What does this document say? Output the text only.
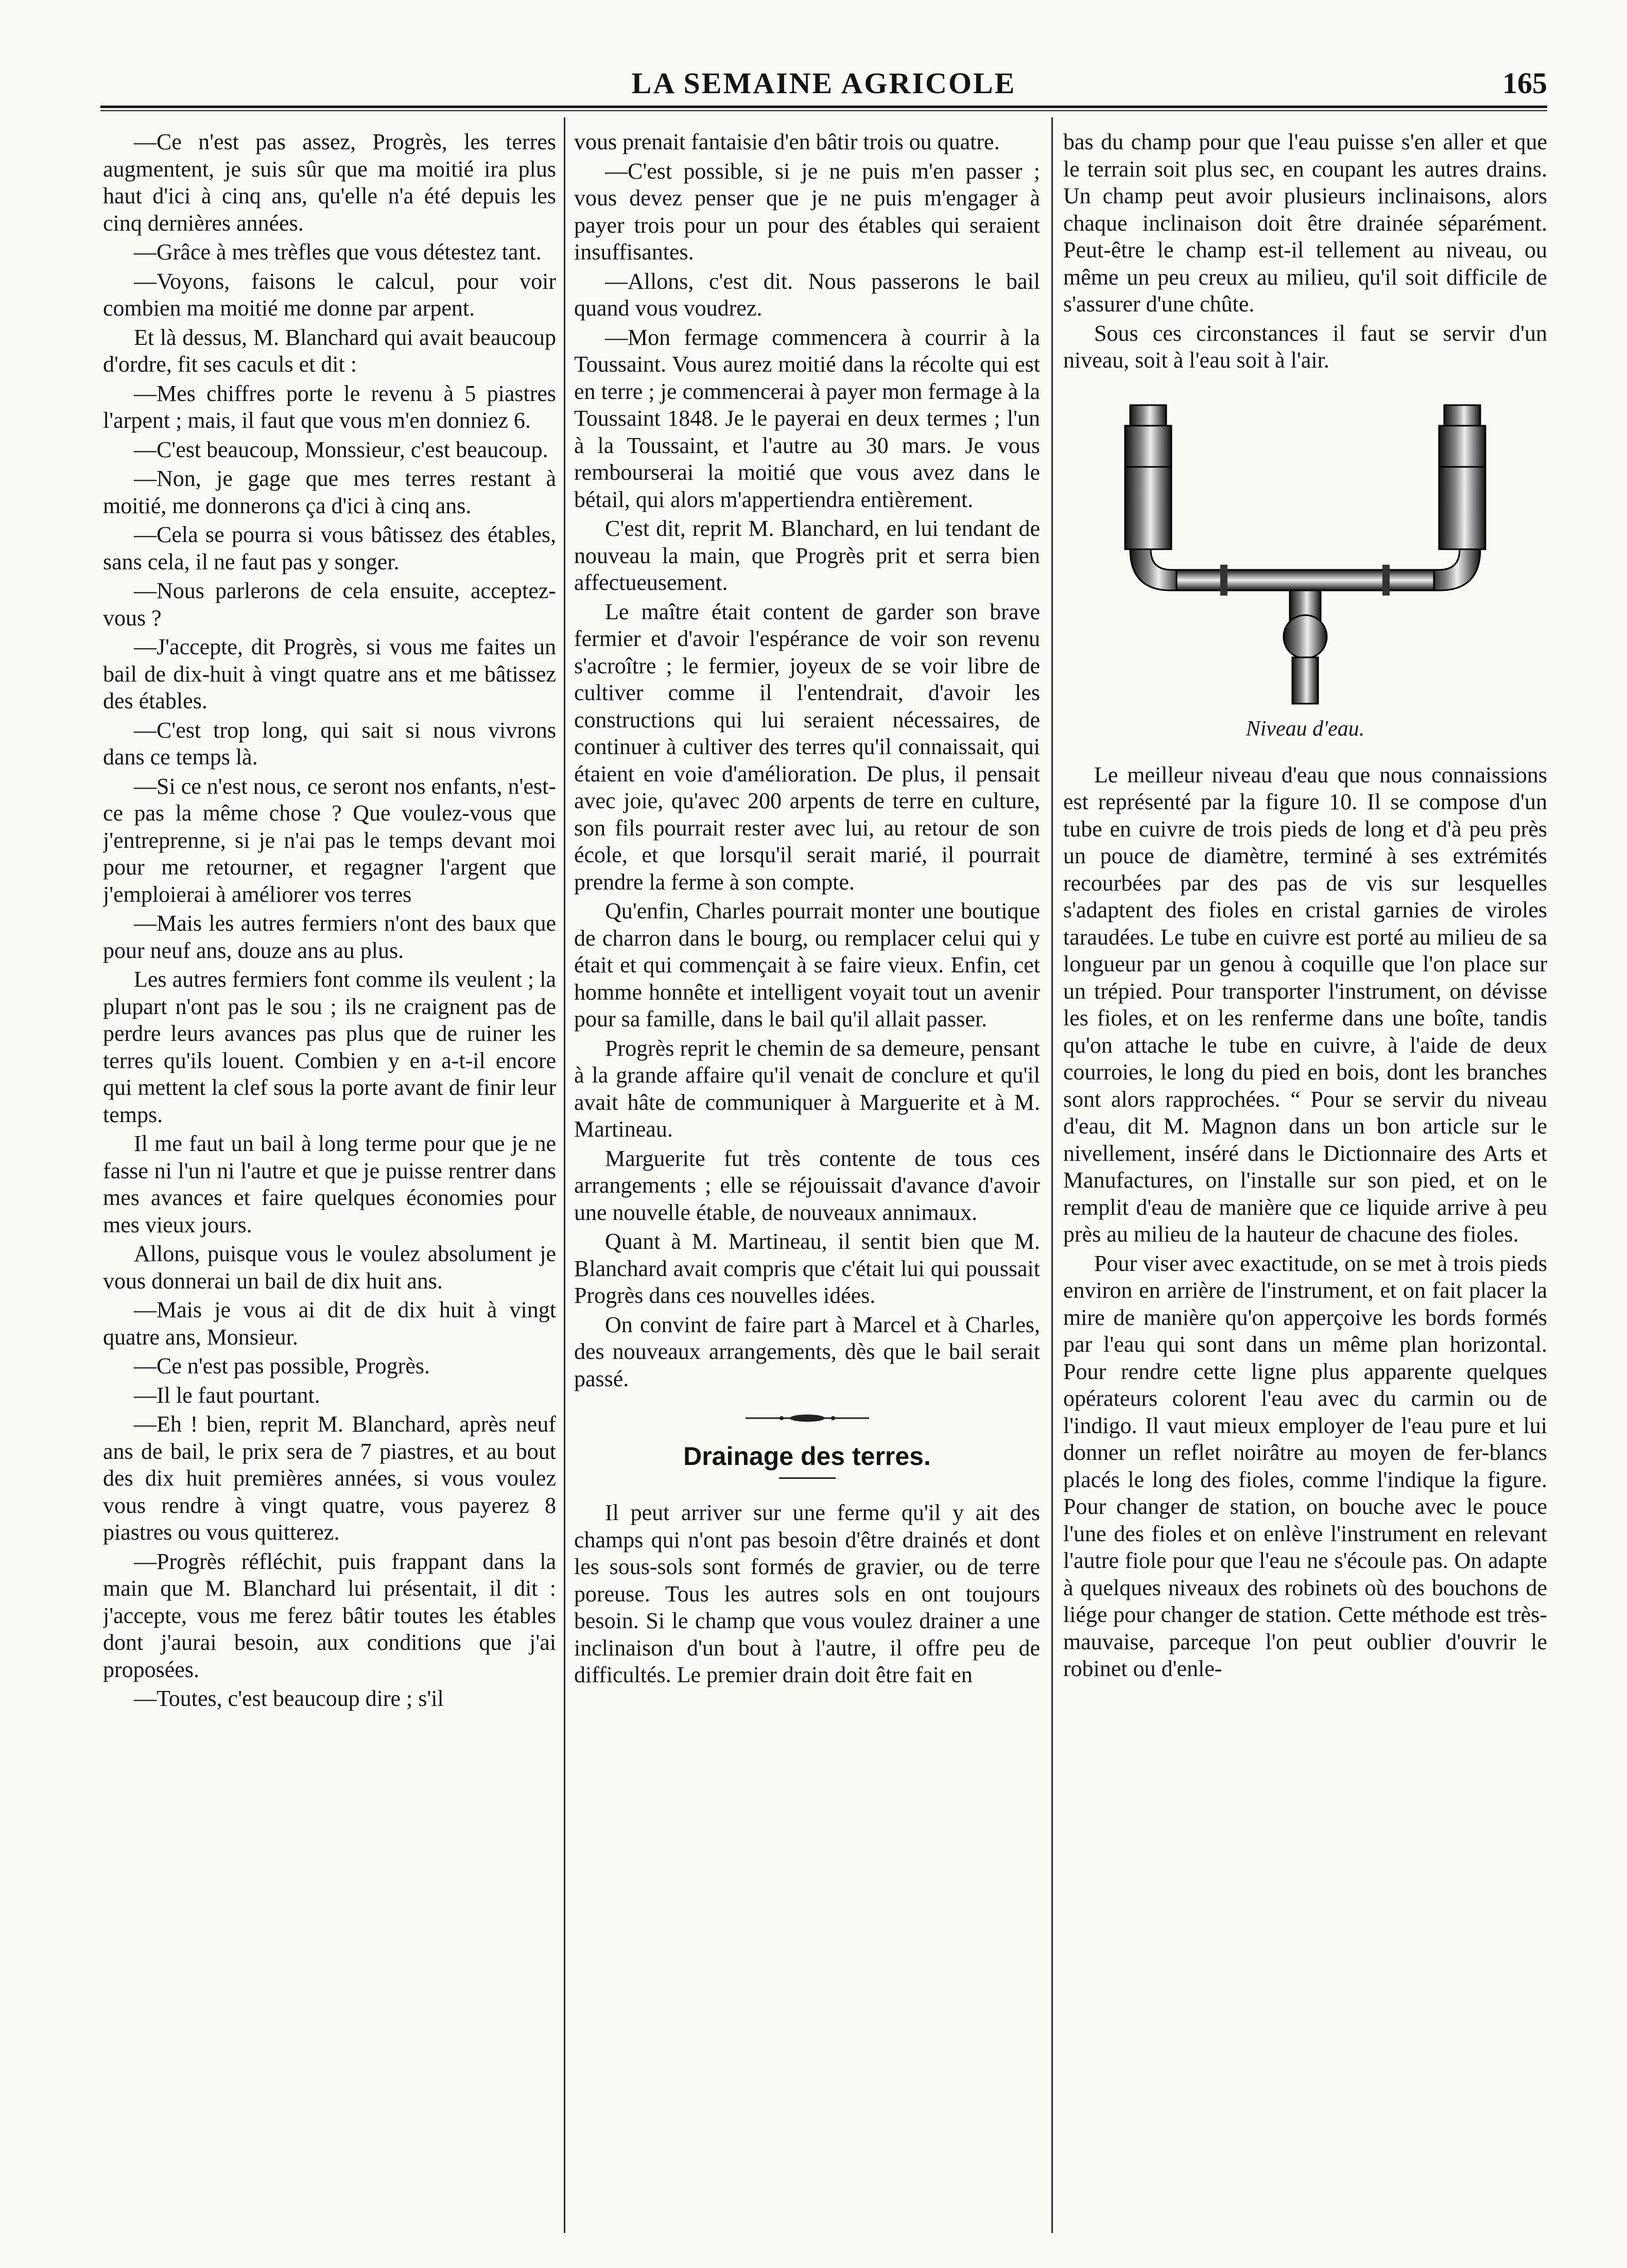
LA SEMAINE AGRICOLE	165

—Ce n'est pas assez, Progrès, les terres augmentent, je suis sûr que ma moitié ira plus haut d'ici à cinq ans, qu'elle n'a été depuis les cinq dernières années.

—Grâce à mes trèfles que vous détestez tant.

—Voyons, faisons le calcul, pour voir combien ma moitié me donne par arpent.

Et là dessus, M. Blanchard qui avait beaucoup d'ordre, fit ses caculs et dit :

—Mes chiffres porte le revenu à 5 piastres l'arpent ; mais, il faut que vous m'en donniez 6.

—C'est beaucoup, Monssieur, c'est beaucoup.

—Non, je gage que mes terres restant à moitié, me donnerons ça d'ici à cinq ans.

—Cela se pourra si vous bâtissez des étables, sans cela, il ne faut pas y songer.

—Nous parlerons de cela ensuite, acceptez-vous ?

—J'accepte, dit Progrès, si vous me faites un bail de dix-huit à vingt quatre ans et me bâtissez des étables.

—C'est trop long, qui sait si nous vivrons dans ce temps là.

—Si ce n'est nous, ce seront nos enfants, n'est-ce pas la même chose ? Que voulez-vous que j'entreprenne, si je n'ai pas le temps devant moi pour me retourner, et regagner l'argent que j'emploierai à améliorer vos terres

—Mais les autres fermiers n'ont des baux que pour neuf ans, douze ans au plus.

Les autres fermiers font comme ils veulent ; la plupart n'ont pas le sou ; ils ne craignent pas de perdre leurs avances pas plus que de ruiner les terres qu'ils louent. Combien y en a-t-il encore qui mettent la clef sous la porte avant de finir leur temps.

Il me faut un bail à long terme pour que je ne fasse ni l'un ni l'autre et que je puisse rentrer dans mes avances et faire quelques économies pour mes vieux jours.

Allons, puisque vous le voulez absolument je vous donnerai un bail de dix huit ans.

—Mais je vous ai dit de dix huit à vingt quatre ans, Monsieur.

—Ce n'est pas possible, Progrès.

—Il le faut pourtant.

—Eh ! bien, reprit M. Blanchard, après neuf ans de bail, le prix sera de 7 piastres, et au bout des dix huit premières années, si vous voulez vous rendre à vingt quatre, vous payerez 8 piastres ou vous quitterez.

—Progrès réfléchit, puis frappant dans la main que M. Blanchard lui présentait, il dit : j'accepte, vous me ferez bâtir toutes les étables dont j'aurai besoin, aux conditions que j'ai proposées.

—Toutes, c'est beaucoup dire ; s'il

vous prenait fantaisie d'en bâtir trois ou quatre.

—C'est possible, si je ne puis m'en passer ; vous devez penser que je ne puis m'engager à payer trois pour un pour des étables qui seraient insuffisantes.

—Allons, c'est dit. Nous passerons le bail quand vous voudrez.

—Mon fermage commencera à courrir à la Toussaint. Vous aurez moitié dans la récolte qui est en terre ; je commencerai à payer mon fermage à la Toussaint 1848. Je le payerai en deux termes ; l'un à la Toussaint, et l'autre au 30 mars. Je vous rembourserai la moitié que vous avez dans le bétail, qui alors m'appertiendra entièrement.

C'est dit, reprit M. Blanchard, en lui tendant de nouveau la main, que Progrès prit et serra bien affectueusement.

Le maître était content de garder son brave fermier et d'avoir l'espérance de voir son revenu s'acroître ; le fermier, joyeux de se voir libre de cultiver comme il l'entendrait, d'avoir les constructions qui lui seraient nécessaires, de continuer à cultiver des terres qu'il connaissait, qui étaient en voie d'amélioration. De plus, il pensait avec joie, qu'avec 200 arpents de terre en culture, son fils pourrait rester avec lui, au retour de son école, et que lorsqu'il serait marié, il pourrait prendre la ferme à son compte.

Qu'enfin, Charles pourrait monter une boutique de charron dans le bourg, ou remplacer celui qui y était et qui commençait à se faire vieux. Enfin, cet homme honnête et intelligent voyait tout un avenir pour sa famille, dans le bail qu'il allait passer.

Progrès reprit le chemin de sa demeure, pensant à la grande affaire qu'il venait de conclure et qu'il avait hâte de communiquer à Marguerite et à M. Martineau.

Marguerite fut très contente de tous ces arrangements ; elle se réjouissait d'avance d'avoir une nouvelle étable, de nouveaux annimaux.

Quant à M. Martineau, il sentit bien que M. Blanchard avait compris que c'était lui qui poussait Progrès dans ces nouvelles idées.

On convint de faire part à Marcel et à Charles, des nouveaux arrangements, dès que le bail serait passé.

Drainage des terres.

Il peut arriver sur une ferme qu'il y ait des champs qui n'ont pas besoin d'être drainés et dont les sous-sols sont formés de gravier, ou de terre poreuse. Tous les autres sols en ont toujours besoin. Si le champ que vous voulez drainer a une inclinaison d'un bout à l'autre, il offre peu de difficultés. Le premier drain doit être fait en

bas du champ pour que l'eau puisse s'en aller et que le terrain soit plus sec, en coupant les autres drains. Un champ peut avoir plusieurs inclinaisons, alors chaque inclinaison doit être drainée séparément. Peut-être le champ est-il tellement au niveau, ou même un peu creux au milieu, qu'il soit difficile de s'assurer d'une chûte.

Sous ces circonstances il faut se servir d'un niveau, soit à l'eau soit à l'air.

Niveau d'eau.

Le meilleur niveau d'eau que nous connaissions est représenté par la figure 10. Il se compose d'un tube en cuivre de trois pieds de long et d'à peu près un pouce de diamètre, terminé à ses extrémités recourbées par des pas de vis sur lesquelles s'adaptent des fioles en cristal garnies de viroles taraudées. Le tube en cuivre est porté au milieu de sa longueur par un genou à coquille que l'on place sur un trépied. Pour transporter l'instrument, on dévisse les fioles, et on les renferme dans une boîte, tandis qu'on attache le tube en cuivre, à l'aide de deux courroies, le long du pied en bois, dont les branches sont alors rapprochées. “ Pour se servir du niveau d'eau, dit M. Magnon dans un bon article sur le nivellement, inséré dans le Dictionnaire des Arts et Manufactures, on l'installe sur son pied, et on le remplit d'eau de manière que ce liquide arrive à peu près au milieu de la hauteur de chacune des fioles.

Pour viser avec exactitude, on se met à trois pieds environ en arrière de l'instrument, et on fait placer la mire de manière qu'on apperçoive les bords formés par l'eau qui sont dans un même plan horizontal. Pour rendre cette ligne plus apparente quelques opérateurs colorent l'eau avec du carmin ou de l'indigo. Il vaut mieux employer de l'eau pure et lui donner un reflet noirâtre au moyen de fer-blancs placés le long des fioles, comme l'indique la figure. Pour changer de station, on bouche avec le pouce l'une des fioles et on enlève l'instrument en relevant l'autre fiole pour que l'eau ne s'écoule pas. On adapte à quelques niveaux des robinets où des bouchons de liége pour changer de station. Cette méthode est très-mauvaise, parceque l'on peut oublier d'ouvrir le robinet ou d'enle-
